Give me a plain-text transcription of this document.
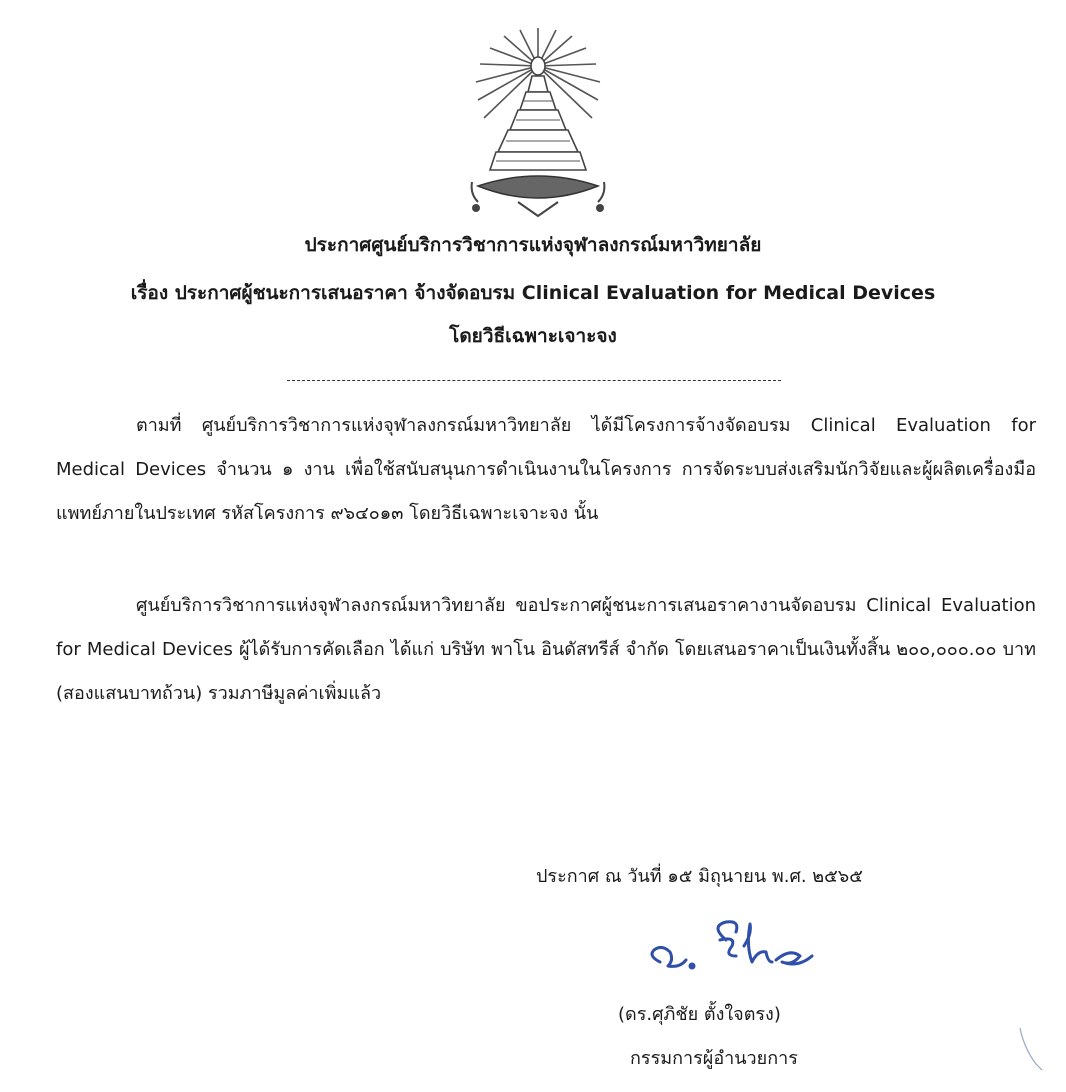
ประกาศศูนย์บริการวิชาการแห่งจุฬาลงกรณ์มหาวิทยาลัย
เรื่อง ประกาศผู้ชนะการเสนอราคา จ้างจัดอบรม Clinical Evaluation for Medical Devices
โดยวิธีเฉพาะเจาะจง
ตามที่ ศูนย์บริการวิชาการแห่งจุฬาลงกรณ์มหาวิทยาลัย ได้มีโครงการจ้างจัดอบรม Clinical Evaluation for Medical Devices จำนวน ๑ งาน เพื่อใช้สนับสนุนการดำเนินงานในโครงการ การจัดระบบส่งเสริมนักวิจัยและผู้ผลิตเครื่องมือแพทย์ภายในประเทศ รหัสโครงการ ๙๖๔๐๑๓ โดยวิธีเฉพาะเจาะจง นั้น
ศูนย์บริการวิชาการแห่งจุฬาลงกรณ์มหาวิทยาลัย ขอประกาศผู้ชนะการเสนอราคางานจัดอบรม Clinical Evaluation for Medical Devices ผู้ได้รับการคัดเลือก ได้แก่ บริษัท พาโน อินดัสทรีส์ จำกัด โดยเสนอราคาเป็นเงินทั้งสิ้น ๒๐๐,๐๐๐.๐๐ บาท (สองแสนบาทถ้วน) รวมภาษีมูลค่าเพิ่มแล้ว
ประกาศ ณ วันที่ ๑๕ มิถุนายน พ.ศ. ๒๕๖๕
(ดร.ศุภิชัย ตั้งใจตรง)
กรรมการผู้อำนวยการ
